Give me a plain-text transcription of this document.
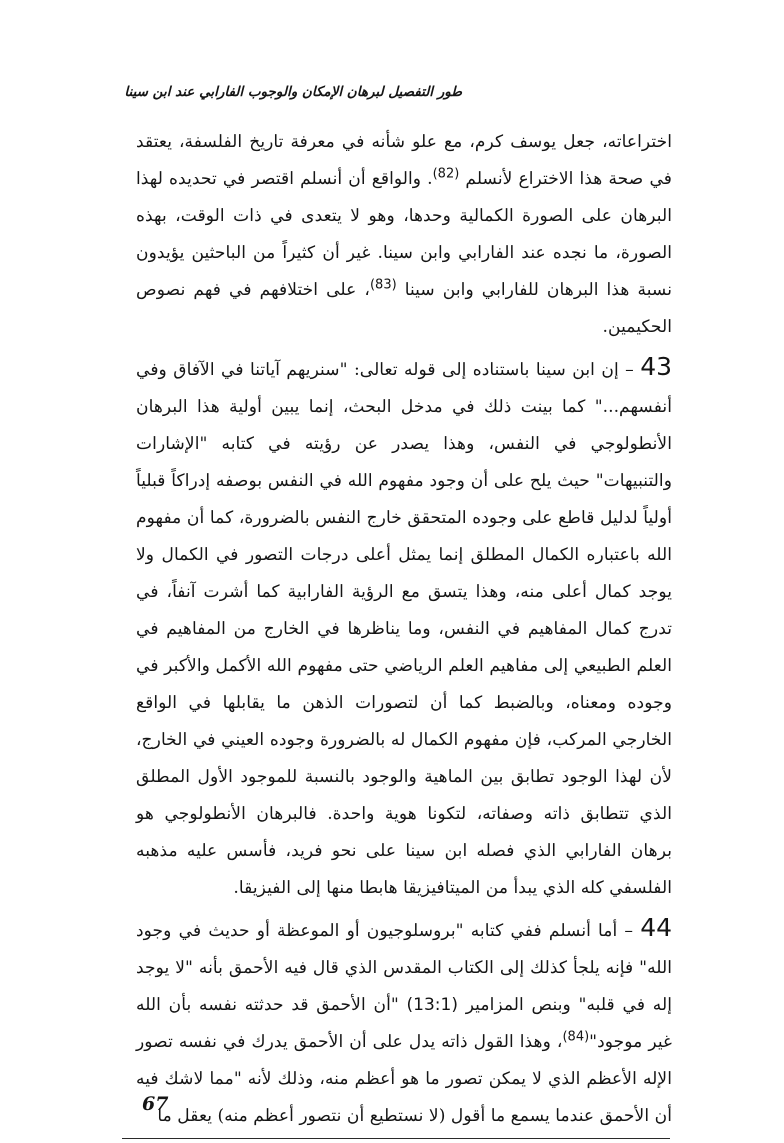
طور التفصيل لبرهان الإمكان والوجوب الفارابي عند ابن سينا

اختراعاته، جعل يوسف كرم، مع علو شأنه في معرفة تاريخ الفلسفة، يعتقد في صحة هذا الاختراع لأنسلم $^{(82)}$. والواقع أن أنسلم اقتصر في تحديده لهذا البرهان على الصورة الكمالية وحدها، وهو لا يتعدى في ذات الوقت، بهذه الصورة، ما نجده عند الفارابي وابن سينا. غير أن كثيراً من الباحثين يؤيدون نسبة هذا البرهان للفارابي وابن سينا $^{(83)}$، على اختلافهم في فهم نصوص الحكيمين.

43 – إن ابن سينا باستناده إلى قوله تعالى: "سنريهم آياتنا في الآفاق وفي أنفسهم..." كما بينت ذلك في مدخل البحث، إنما يبين أولية هذا البرهان الأنطولوجي في النفس، وهذا يصدر عن رؤيته في كتابه "الإشارات والتنبيهات" حيث يلح على أن وجود مفهوم الله في النفس بوصفه إدراكاً قبلياً أولياً لدليل قاطع على وجوده المتحقق خارج النفس بالضرورة، كما أن مفهوم الله باعتباره الكمال المطلق إنما يمثل أعلى درجات التصور في الكمال ولا يوجد كمال أعلى منه، وهذا يتسق مع الرؤية الفارابية كما أشرت آنفاً، في تدرج كمال المفاهيم في النفس، وما يناظرها في الخارج من المفاهيم في العلم الطبيعي إلى مفاهيم العلم الرياضي حتى مفهوم الله الأكمل والأكبر في وجوده ومعناه، وبالضبط كما أن لتصورات الذهن ما يقابلها في الواقع الخارجي المركب، فإن مفهوم الكمال له بالضرورة وجوده العيني في الخارج، لأن لهذا الوجود تطابق بين الماهية والوجود بالنسبة للموجود الأول المطلق الذي تتطابق ذاته وصفاته، لتكونا هوية واحدة. فالبرهان الأنطولوجي هو برهان الفارابي الذي فصله ابن سينا على نحو فريد، فأسس عليه مذهبه الفلسفي كله الذي يبدأ من الميتافيزيقا هابطا منها إلى الفيزيقا.

44 – أما أنسلم ففي كتابه "بروسلوجيون أو الموعظة أو حديث في وجود الله" فإنه يلجأ كذلك إلى الكتاب المقدس الذي قال فيه الأحمق بأنه "لا يوجد إله في قلبه" وبنص المزامير (13:1) "أن الأحمق قد حدثته نفسه بأن الله غير موجود"$^{(84)}$، وهذا القول ذاته يدل على أن الأحمق يدرك في نفسه تصور الإله الأعظم الذي لا يمكن تصور ما هو أعظم منه، وذلك لأنه "مما لاشك فيه أن الأحمق عندما يسمع ما أقول (لا نستطيع أن نتصور أعظم منه) يعقل ما

67
